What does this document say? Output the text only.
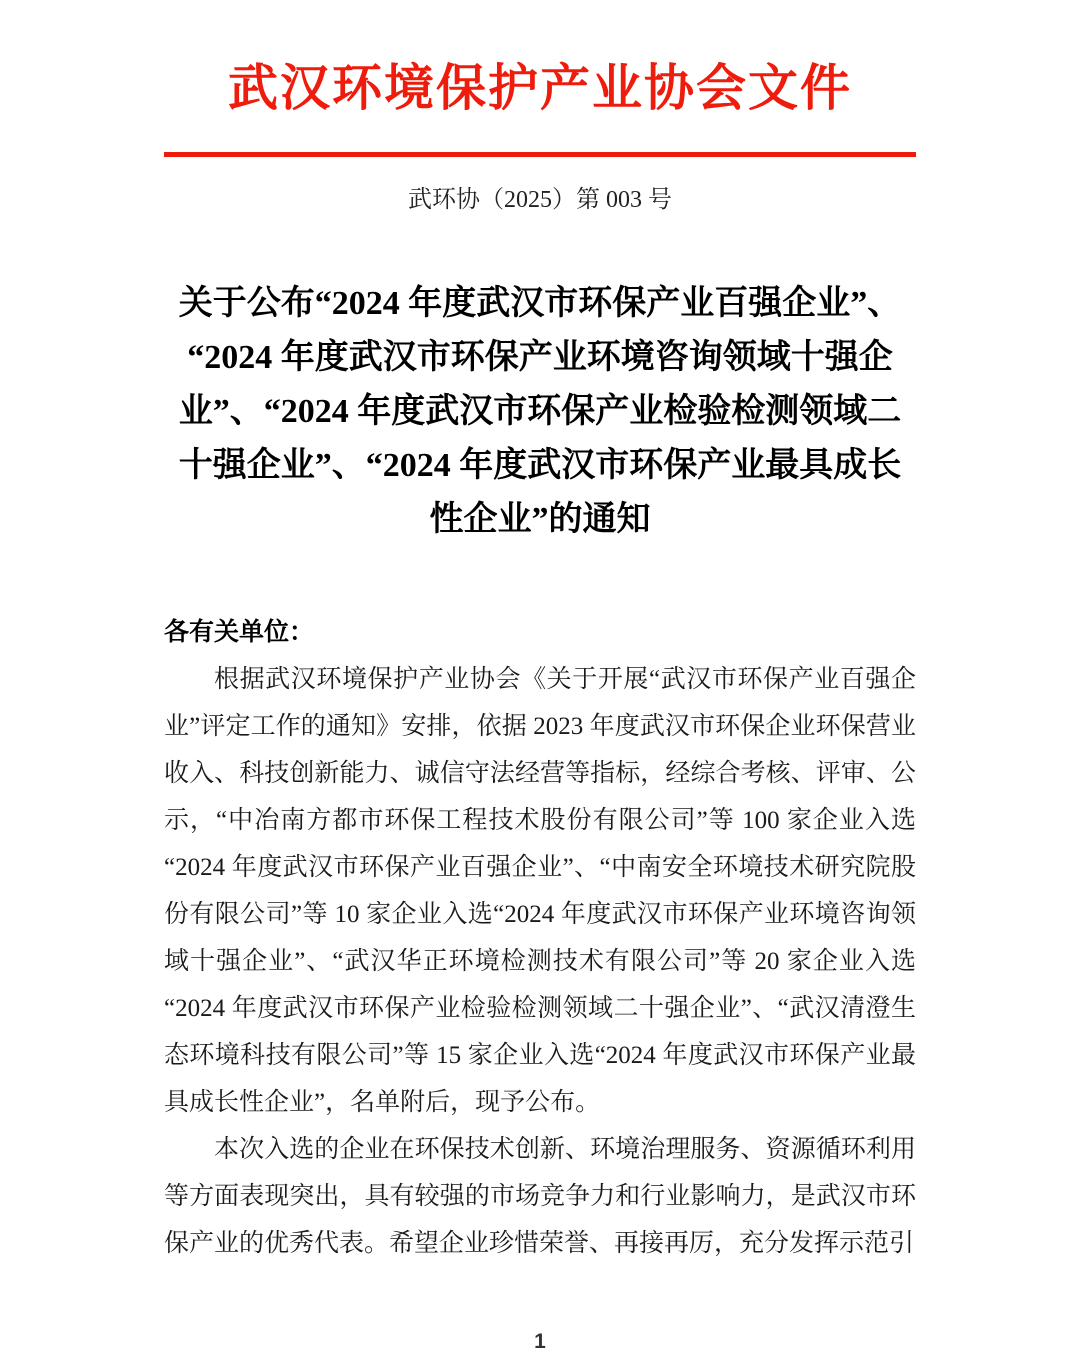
武汉环境保护产业协会文件
武环协（2025）第 003 号
关于公布“2024 年度武汉市环保产业百强企业”、“2024 年度武汉市环保产业环境咨询领域十强企业”、“2024 年度武汉市环保产业检验检测领域二十强企业”、“2024 年度武汉市环保产业最具成长性企业”的通知
各有关单位：

根据武汉环境保护产业协会《关于开展“武汉市环保产业百强企业”评定工作的通知》安排，依据 2023 年度武汉市环保企业环保营业收入、科技创新能力、诚信守法经营等指标，经综合考核、评审、公示，“中冶南方都市环保工程技术股份有限公司”等 100 家企业入选“2024 年度武汉市环保产业百强企业”、“中南安全环境技术研究院股份有限公司”等 10 家企业入选“2024 年度武汉市环保产业环境咨询领域十强企业”、“武汉华正环境检测技术有限公司”等 20 家企业入选“2024 年度武汉市环保产业检验检测领域二十强企业”、“武汉清澄生态环境科技有限公司”等 15 家企业入选“2024 年度武汉市环保产业最具成长性企业”，名单附后，现予公布。

本次入选的企业在环保技术创新、环境治理服务、资源循环利用等方面表现突出，具有较强的市场竞争力和行业影响力，是武汉市环保产业的优秀代表。希望企业珍惜荣誉、再接再厉，充分发挥示范引

1
